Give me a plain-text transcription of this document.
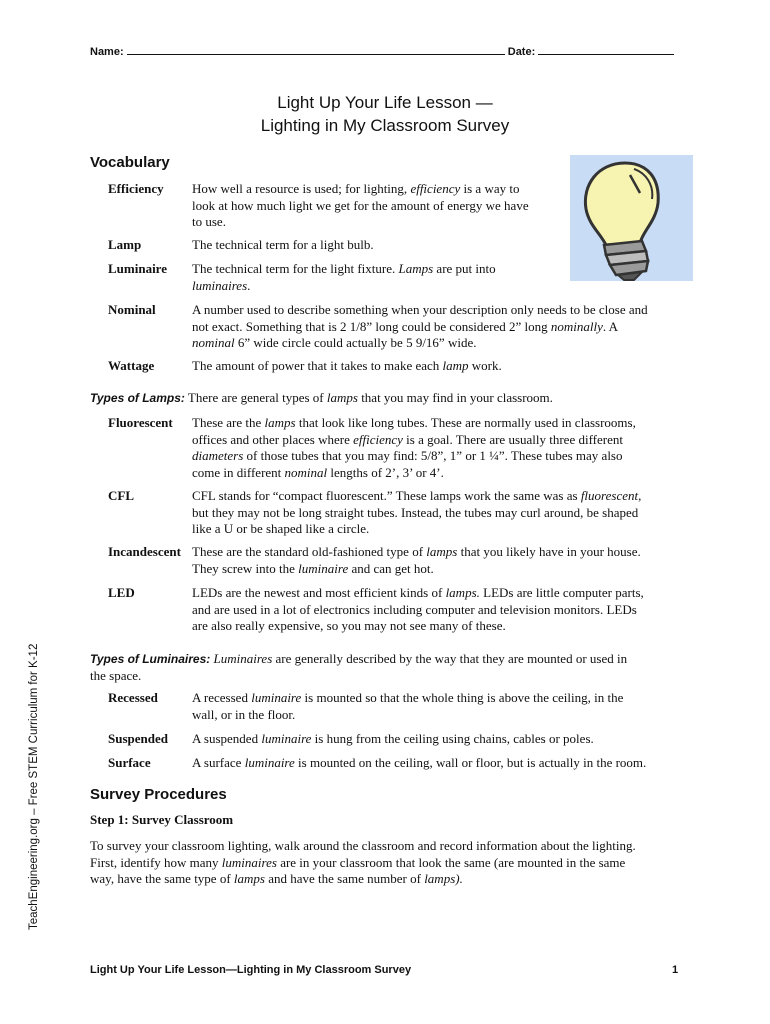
Name:	Date:
Light Up Your Life Lesson —
Lighting in My Classroom Survey
Vocabulary
Efficiency How well a resource is used; for lighting, efficiency is a way to
look at how much light we get for the amount of energy we have
to use.
Lamp	The technical term for a light bulb.
Luminaire The technical term for the light fixture. Lamps are put into
luminaires.
Nominal	A number used to describe something when your description only needs to be close and
not exact. Something that is 2 1/8” long could be considered 2” long nominally. A
nominal 6” wide circle could actually be 5 9/16” wide.
Wattage	The amount of power that it takes to make each lamp work.
Types of Lamps: There are general types of lamps that you may find in your classroom.
Fluorescent These are the lamps that look like long tubes. These are normally used in classrooms,
offices and other places where efficiency is a goal. There are usually three different
diameters of those tubes that you may find: 5/8”, 1” or 1 ¼”. These tubes may also
come in different nominal lengths of 2’, 3’ or 4’.
CFL	CFL stands for “compact fluorescent.” These lamps work the same was as fluorescent,
but they may not be long straight tubes. Instead, the tubes may curl around, be shaped
like a U or be shaped like a circle.
Incandescent These are the standard old-fashioned type of lamps that you likely have in your house.
They screw into the luminaire and can get hot.
LED	LEDs are the newest and most efficient kinds of lamps. LEDs are little computer parts,
and are used in a lot of electronics including computer and television monitors. LEDs
are also really expensive, so you may not see many of these.
Types of Luminaires: Luminaires are generally described by the way that they are mounted or used in
the space.
Recessed	A recessed luminaire is mounted so that the whole thing is above the ceiling, in the
wall, or in the floor.
Suspended A suspended luminaire is hung from the ceiling using chains, cables or poles.
Surface	A surface luminaire is mounted on the ceiling, wall or floor, but is actually in the room.
Survey Procedures
Step 1: Survey Classroom
To survey your classroom lighting, walk around the classroom and record information about the lighting.
First, identify how many luminaires are in your classroom that look the same (are mounted in the same
way, have the same type of lamps and have the same number of lamps).
TeachEngineering.org – Free STEM Curriculum for K-12
Light Up Your Life Lesson—Lighting in My Classroom Survey	1
